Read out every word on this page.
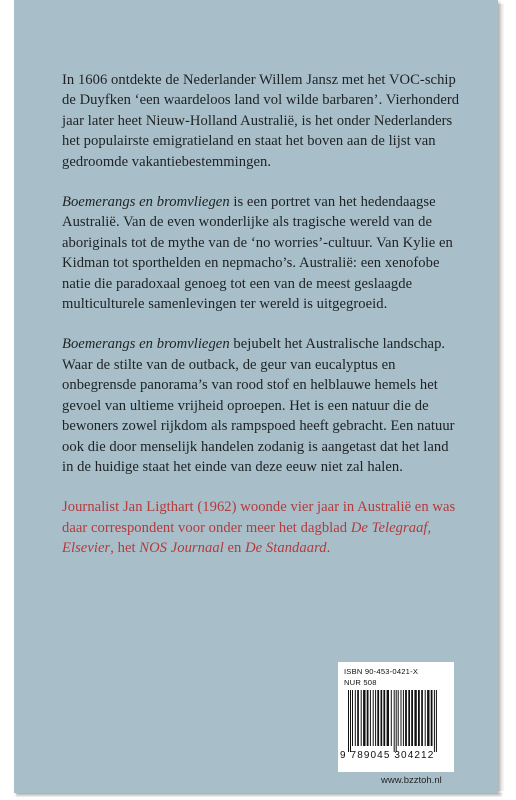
In 1606 ontdekte de Nederlander Willem Jansz met het VOC-schip de Duyfken ‘een waardeloos land vol wilde barbaren’. Vierhonderd jaar later heet Nieuw-Holland Australië, is het onder Nederlanders het populairste emigratieland en staat het boven aan de lijst van gedroomde vakantiebestemmingen.

Boemerangs en bromvliegen is een portret van het hedendaagse Australië. Van de even wonderlijke als tragische wereld van de aboriginals tot de mythe van de ‘no worries’-cultuur. Van Kylie en Kidman tot sporthelden en nepmacho’s. Australië: een xenofobe natie die paradoxaal genoeg tot een van de meest geslaagde multiculturele samenlevingen ter wereld is uitgegroeid.

Boemerangs en bromvliegen bejubelt het Australische landschap. Waar de stilte van de outback, de geur van eucalyptus en onbegrensde panorama’s van rood stof en helblauwe hemels het gevoel van ultieme vrijheid oproepen. Het is een natuur die de bewoners zowel rijkdom als rampspoed heeft gebracht. Een natuur ook die door menselijk handelen zodanig is aangetast dat het land in de huidige staat het einde van deze eeuw niet zal halen.

Journalist Jan Ligthart (1962) woonde vier jaar in Australië en was daar correspondent voor onder meer het dagblad De Telegraaf, Elsevier, het NOS Journaal en De Standaard.

ISBN 90-453-0421-X
NUR 508
9 789045 304212
www.bzztoh.nl
